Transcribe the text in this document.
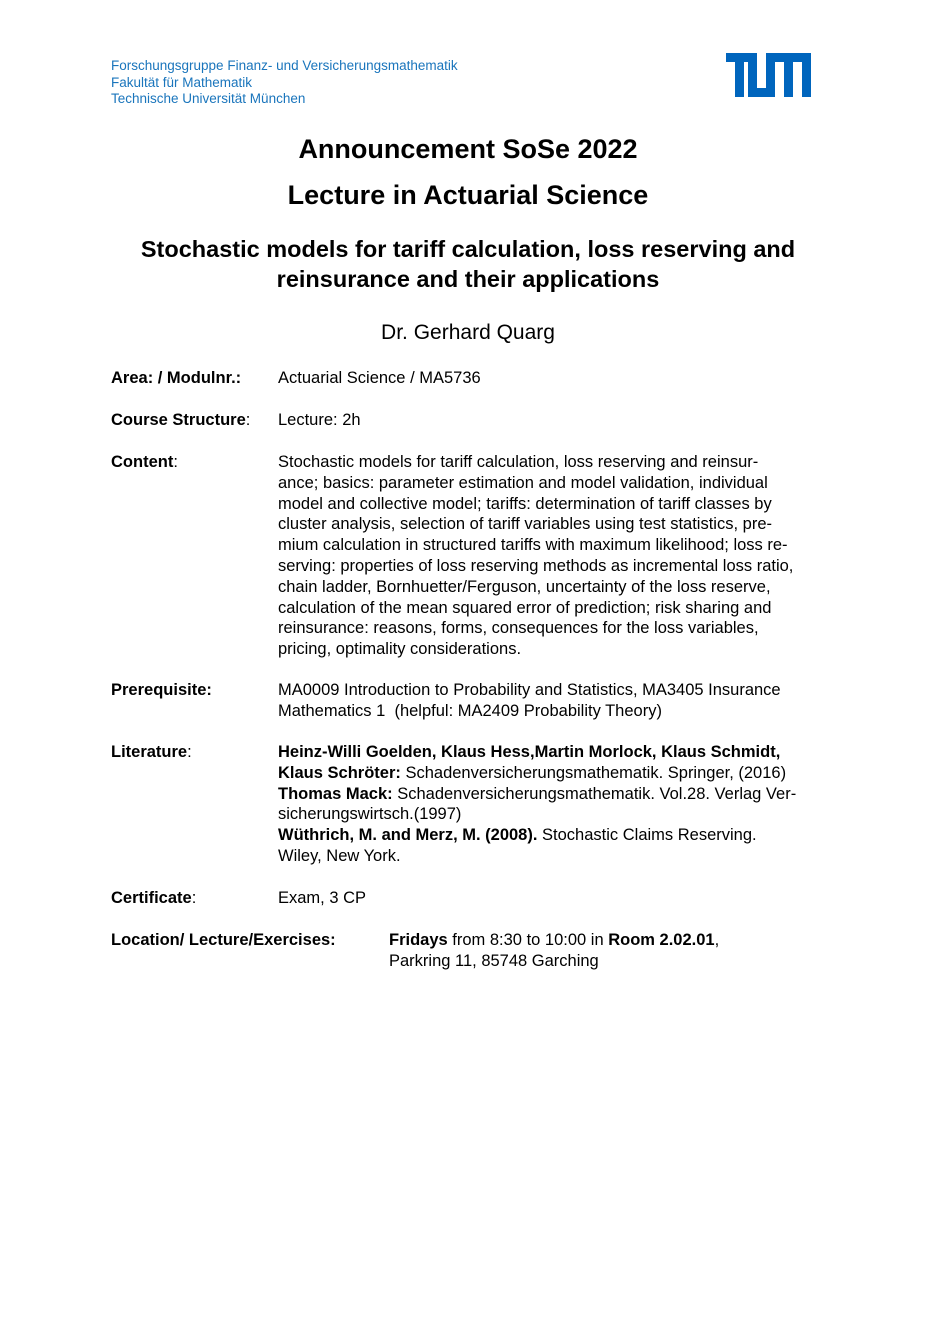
Forschungsgruppe Finanz- und Versicherungsmathematik
Fakultät für Mathematik
Technische Universität München
Announcement SoSe 2022
Lecture in Actuarial Science
Stochastic models for tariff calculation, loss reserving and
reinsurance and their applications
Dr. Gerhard Quarg
Area: / Modulnr.: Actuarial Science / MA5736
Course Structure: Lecture: 2h
Content:	Stochastic models for tariff calculation, loss reserving and reinsur-
ance; basics: parameter estimation and model validation, individual
model and collective model; tariffs: determination of tariff classes by
cluster analysis, selection of tariff variables using test statistics, pre-
mium calculation in structured tariffs with maximum likelihood; loss re-
serving: properties of loss reserving methods as incremental loss ratio,
chain ladder, Bornhuetter/Ferguson, uncertainty of the loss reserve,
calculation of the mean squared error of prediction; risk sharing and
reinsurance: reasons, forms, consequences for the loss variables,
pricing, optimality considerations.
Prerequisite:	MA0009 Introduction to Probability and Statistics, MA3405 Insurance
Mathematics 1  (helpful: MA2409 Probability Theory)
Literature:	Heinz-Willi Goelden, Klaus Hess,Martin Morlock, Klaus Schmidt,
Klaus Schröter: Schadenversicherungsmathematik. Springer, (2016)
Thomas Mack: Schadenversicherungsmathematik. Vol.28. Verlag Ver-
sicherungswirtsch.(1997)
Wüthrich, M. and Merz, M. (2008). Stochastic Claims Reserving.
Wiley, New York.
Certificate:	Exam, 3 CP
Location/ Lecture/Exercises:	Fridays from 8:30 to 10:00 in Room 2.02.01,
Parkring 11, 85748 Garching
